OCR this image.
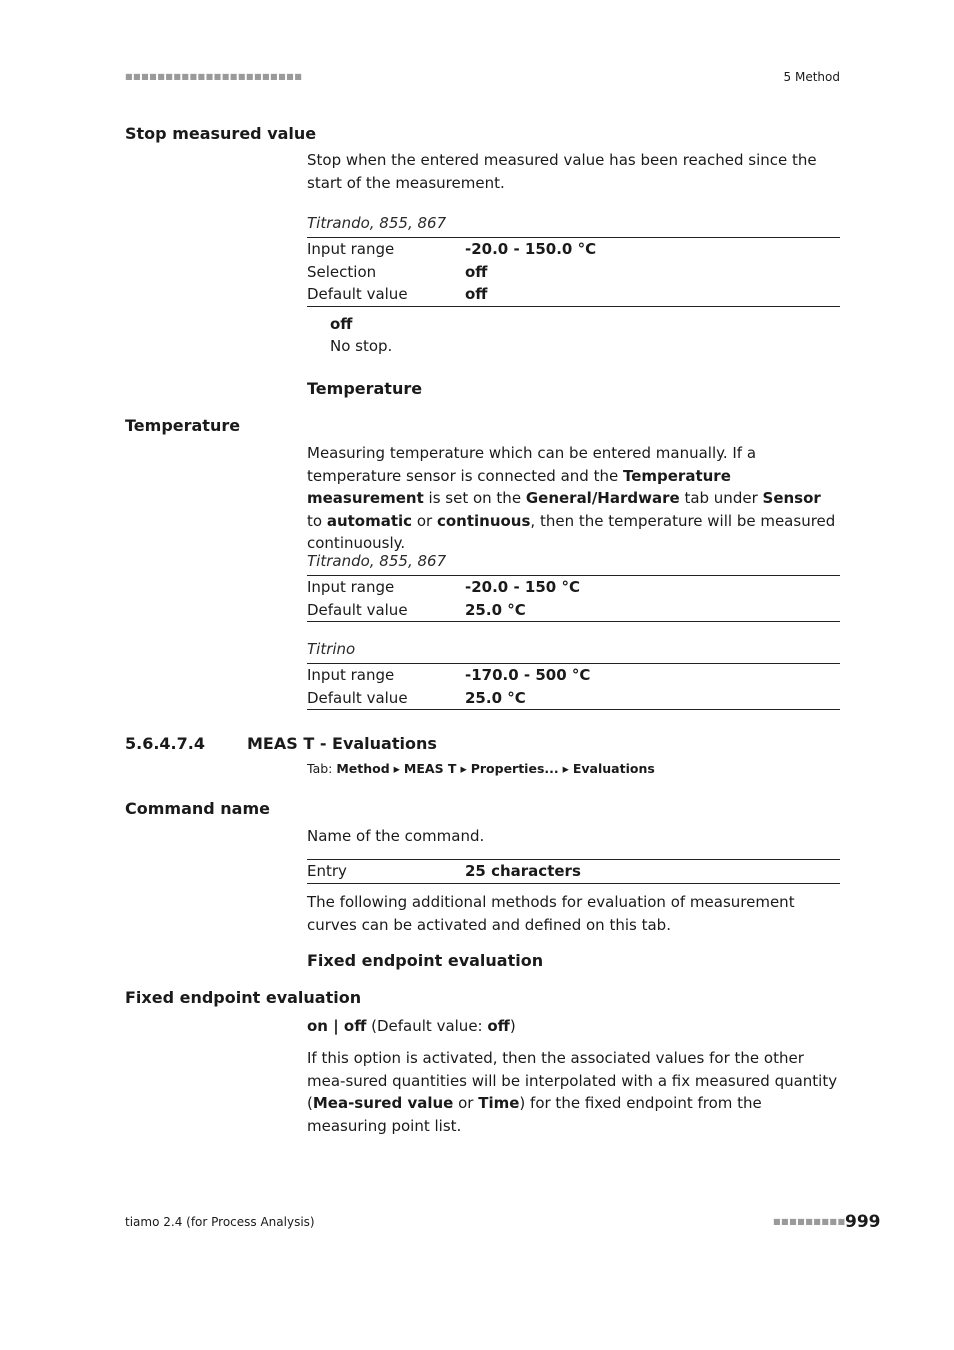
■■■■■■■■■■■■■■■■■■■■■■	5 Method
Stop measured value
Stop when the entered measured value has been reached since the start of the measurement.
Titrando, 855, 867
Input range	-20.0 - 150.0 °C
Selection	off
Default value	off
off
No stop.
Temperature
Temperature
Measuring temperature which can be entered manually. If a temperature sensor is connected and the Temperature measurement is set on the General/Hardware tab under Sensor to automatic or continuous, then the temperature will be measured continuously.
Titrando, 855, 867
Input range	-20.0 - 150 °C
Default value	25.0 °C
Titrino
Input range	-170.0 - 500 °C
Default value	25.0 °C
5.6.4.7.4	MEAS T - Evaluations
Tab: Method ▸ MEAS T ▸ Properties... ▸ Evaluations
Command name
Name of the command.
Entry	25 characters
The following additional methods for evaluation of measurement curves can be activated and defined on this tab.
Fixed endpoint evaluation
Fixed endpoint evaluation
on | off (Default value: off)
If this option is activated, then the associated values for the other mea-sured quantities will be interpolated with a fix measured quantity (Mea-sured value or Time) for the fixed endpoint from the measuring point list.
tiamo 2.4 (for Process Analysis)	■■■■■■■■■ 999
